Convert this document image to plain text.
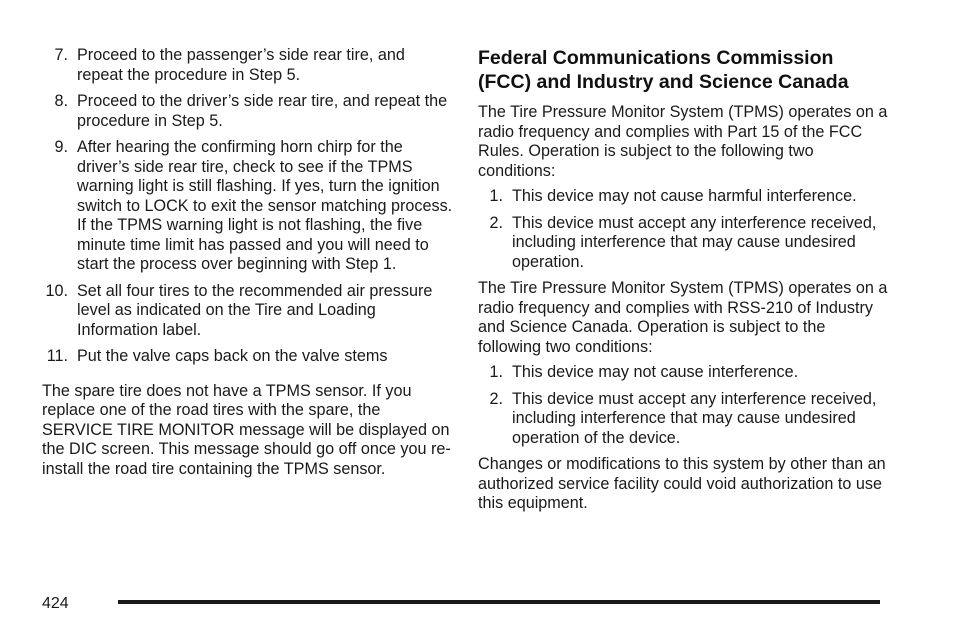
7. Proceed to the passenger’s side rear tire, and repeat the procedure in Step 5.
8. Proceed to the driver’s side rear tire, and repeat the procedure in Step 5.
9. After hearing the confirming horn chirp for the driver’s side rear tire, check to see if the TPMS warning light is still flashing. If yes, turn the ignition switch to LOCK to exit the sensor matching process. If the TPMS warning light is not flashing, the five minute time limit has passed and you will need to start the process over beginning with Step 1.
10. Set all four tires to the recommended air pressure level as indicated on the Tire and Loading Information label.
11. Put the valve caps back on the valve stems

The spare tire does not have a TPMS sensor. If you replace one of the road tires with the spare, the SERVICE TIRE MONITOR message will be displayed on the DIC screen. This message should go off once you re-install the road tire containing the TPMS sensor.

Federal Communications Commission (FCC) and Industry and Science Canada

The Tire Pressure Monitor System (TPMS) operates on a radio frequency and complies with Part 15 of the FCC Rules. Operation is subject to the following two conditions:

1. This device may not cause harmful interference.
2. This device must accept any interference received, including interference that may cause undesired operation.

The Tire Pressure Monitor System (TPMS) operates on a radio frequency and complies with RSS-210 of Industry and Science Canada. Operation is subject to the following two conditions:

1. This device may not cause interference.
2. This device must accept any interference received, including interference that may cause undesired operation of the device.

Changes or modifications to this system by other than an authorized service facility could void authorization to use this equipment.

424
